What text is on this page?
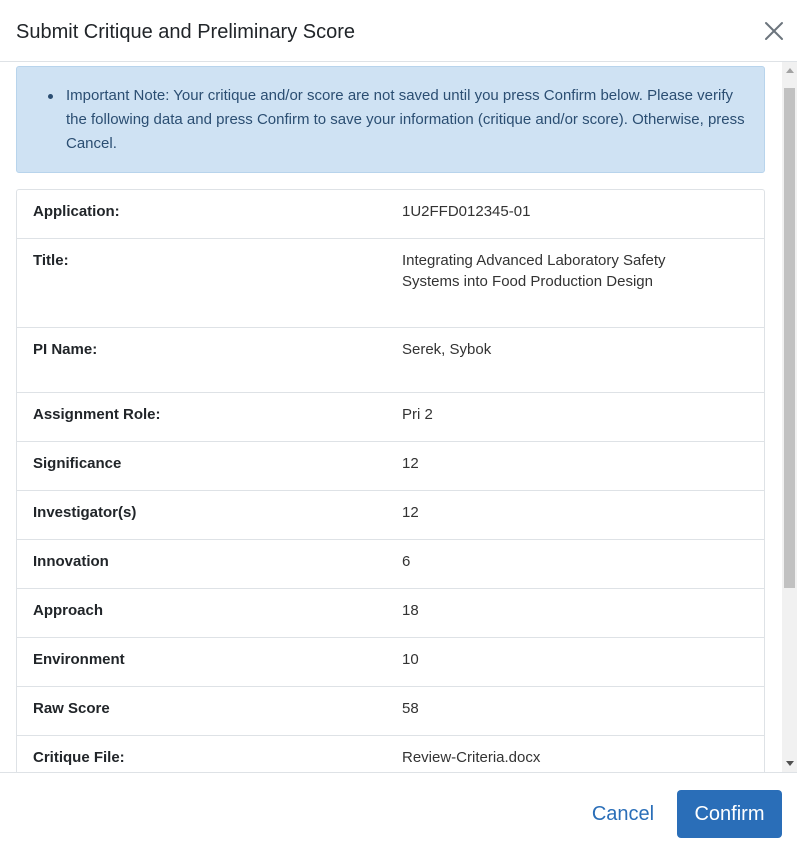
Submit Critique and Preliminary Score
Important Note: Your critique and/or score are not saved until you press Confirm below. Please verify the following data and press Confirm to save your information (critique and/or score). Otherwise, press Cancel.
Application:	1U2FFD012345-01
Title:	Integrating Advanced Laboratory Safety Systems into Food Production Design
PI Name:	Serek, Sybok
Assignment Role:	Pri 2
Significance	12
Investigator(s)	12
Innovation	6
Approach	18
Environment	10
Raw Score	58
Critique File:	Review-Criteria.docx
Cancel	Confirm
